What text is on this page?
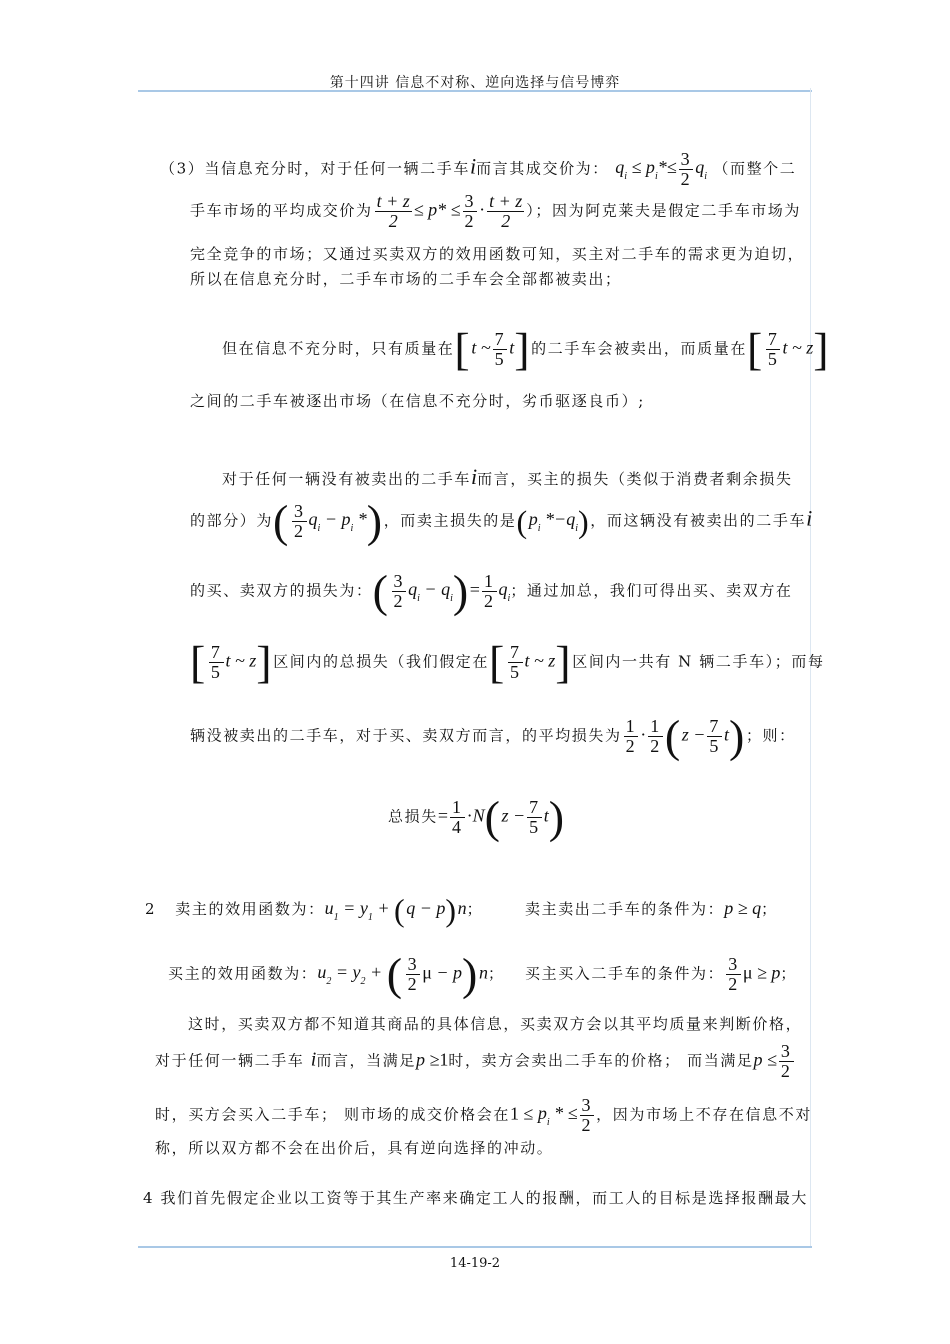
第十四讲 信息不对称、逆向选择与信号博弈
（3）当信息充分时，对于任何一辆二手车i而言其成交价为： $q_i \le p_i*\le \frac{3}{2} q_i$ （而整个二
手车市场的平均成交价为 $\frac{t + z}{2} \le p* \le \frac{3}{2} \cdot \frac{t + z}{2}$ ）；因为阿克莱夫是假定二手车市场为
完全竞争的市场；又通过买卖双方的效用函数可知，买主对二手车的需求更为迫切，
所以在信息充分时，二手车市场的二手车会全部都被卖出；
但在信息不充分时，只有质量在[t ~ $\frac{7}{5} t$]的二手车会被卖出，而质量在[ $\frac{7}{5}$ t ~ z]
之间的二手车被逐出市场（在信息不充分时，劣币驱逐良币）;
对于任何一辆没有被卖出的二手车i而言，买主的损失（类似于消费者剩余损失
的部分）为( $\frac{3}{2} q_i - p_i$ *)，而卖主损失的是($p_i$ $*-q_i$)，而这辆没有被卖出的二手车i
的买、卖双方的损失为：( $\frac{3}{2} q_i - q_i)= \frac{1}{2} q_i$；通过加总，我们可得出买、卖双方在
[ $\frac{7}{5}$ t ~ z]区间内的总损失（我们假定在[ $\frac{7}{5}$ t ~ z]区间内一共有 N 辆二手车）；而每
辆没被卖出的二手车，对于买、卖双方而言，的平均损失为 $\frac{1}{2} \cdot \frac{1}{2} (z - \frac{7}{5} t)$；则：
总损失= $\frac{1}{4} \cdot N(z - \frac{7}{5} t)$
2 卖主的效用函数为：$u_1 = y_1 + (q - p)n$；	卖主卖出二手车的条件为：p ≥ q；
买主的效用函数为：$u_2 = y_2$ + ( $\frac{3}{2}$ μ − p)n； 买主买入二手车的条件为： $\frac{3}{2}$ μ ≥ p；
这时，买卖双方都不知道其商品的具体信息，买卖双方会以其平均质量来判断价格，
对于任何一辆二手车 i而言，当满足p ≥1时，卖方会卖出二手车的价格； 而当满足$p \le \frac{3}{2}$
时，买方会买入二手车； 则市场的成交价格会在$1 \le p_i$ * ≤ $\frac{3}{2}$ ，因为市场上不存在信息不对
称，所以双方都不会在出价后，具有逆向选择的冲动。
4 我们首先假定企业以工资等于其生产率来确定工人的报酬，而工人的目标是选择报酬最大
14-19-2
